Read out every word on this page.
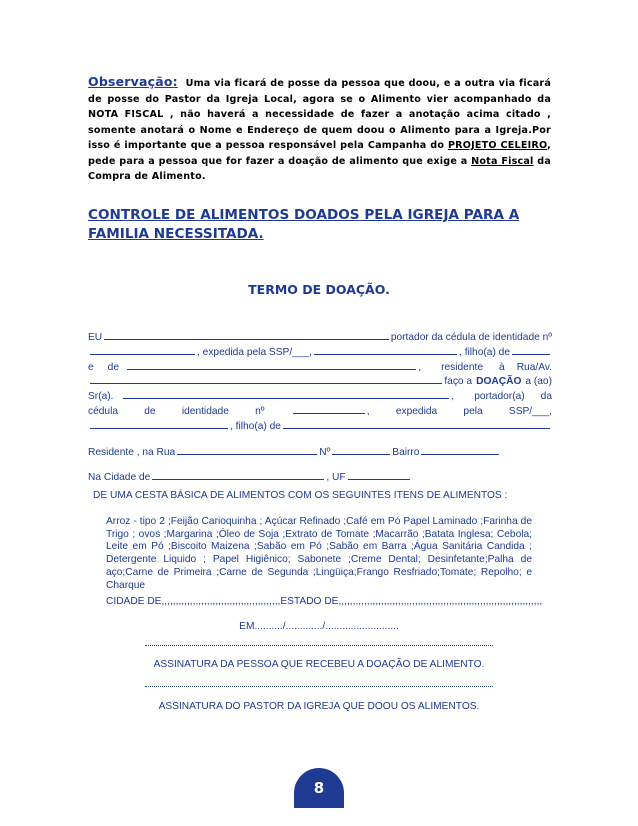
Observação: Uma via ficará de posse da pessoa que doou, e a outra via ficará de posse do Pastor da Igreja Local, agora se o Alimento vier acompanhado da NOTA FISCAL , não haverá a necessidade de fazer a anotação acima citado , somente anotará o Nome e Endereço de quem doou o Alimento para a Igreja.Por isso é importante que a pessoa responsável pela Campanha do PROJETO CELEIRO, pede para a pessoa que for fazer a doação de alimento que exige a Nota Fiscal da Compra de Alimento.
CONTROLE DE ALIMENTOS DOADOS PELA IGREJA PARA A FAMILIA NECESSITADA.
TERMO DE DOAÇÃO.
EU	portador da cédula de identidade nº
, expedida pela SSP/___,	, filho(a) de
e de	, residente à Rua/Av.
faço a DOAÇÃO a (ao)
Sr(a).	, portador(a) da
cédula	de	identidade	nº	,	expedida	pela	SSP/___,
, filho(a) de
Residente , na Rua	Nº	Bairro
Na Cidade de	, UF
DE UMA CESTA BÁSICA DE ALIMENTOS COM OS SEGUINTES ITENS DE ALIMENTOS :
Arroz - tipo 2 ;Feijão Carioquinha ; Açúcar Refinado ;Café em Pó Papel Laminado ;Farinha de Trigo ; ovos ;Margarina ;Óleo de Soja ;Extrato de Tomate ;Macarrão ;Batata Inglesa; Cebola; Leite em Pó ;Biscoito Maizena ;Sabão em Pó ;Sabão em Barra ;Água Sanitária Candida ; Detergente Liquido ; Papel Higiênico; Sabonete ;Creme Dental; Desinfetante;Palha de aço;Carne de Primeira ;Carne de Segunda ;Lingüiça;Frango Resfriado;Tomate; Repolho; e Charque
CIDADE DE,,,,,,,,,,,,,,,,,,,,,,,,,,,,,,,,,,,,,,,,,,ESTADO DE,,,,,,,,,,,,,,,,,,,,,,,,,,,,,,,,,,,,,,,,,,,,,,,,,,,,,,,,,,,,,,,,,,,,,,,,
EM........../............./..........................
ASSINATURA DA PESSOA QUE RECEBEU A DOAÇÃO DE ALIMENTO.
ASSINATURA DO PASTOR DA IGREJA QUE DOOU OS ALIMENTOS.
8
